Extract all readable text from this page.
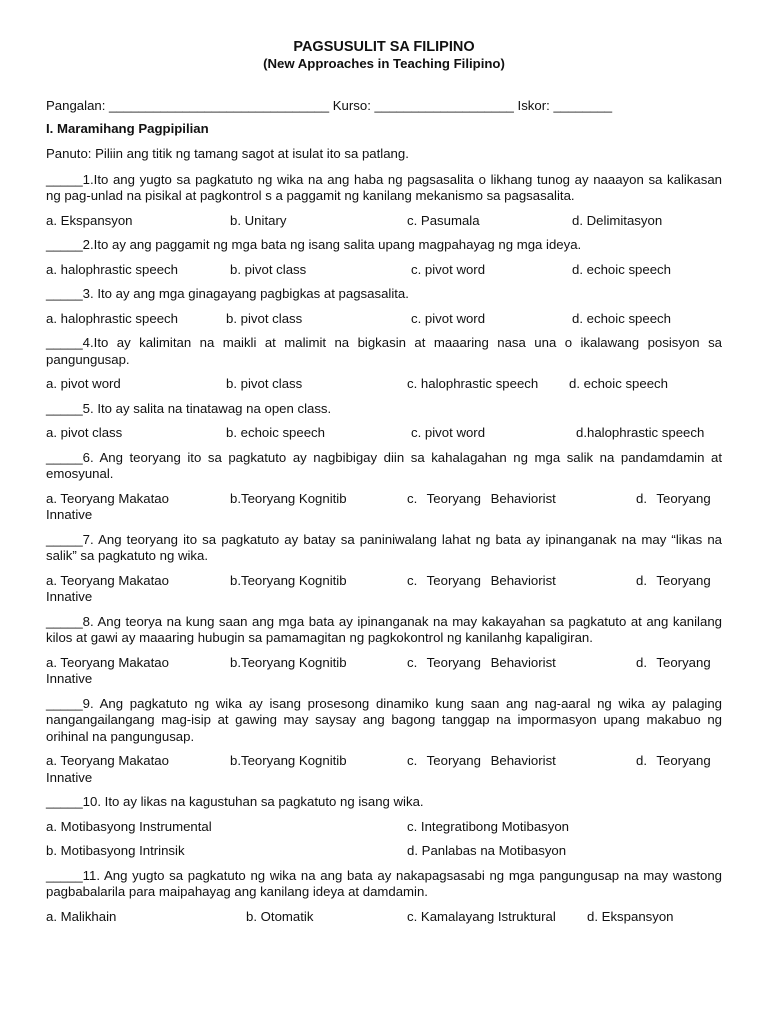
PAGSUSULIT SA FILIPINO
(New Approaches in Teaching Filipino)
Pangalan: ______________________________ Kurso: ___________________ Iskor: ________
I. Maramihang Pagpipilian
Panuto: Piliin ang titik ng tamang sagot at isulat ito sa patlang.
_____1.Ito ang yugto sa pagkatuto ng wika na ang haba ng pagsasalita o likhang tunog ay naaayon sa kalikasan ng pag-unlad na pisikal at pagkontrol s a paggamit ng kanilang mekanismo sa pagsasalita.
a. Ekspansyon	b. Unitary	c. Pasumala	d. Delimitasyon
_____2.Ito ay ang paggamit ng mga bata ng isang salita upang magpahayag ng mga ideya.
a. halophrastic speech	b. pivot class	c. pivot word	d. echoic speech
_____3. Ito ay ang mga ginagayang pagbigkas at pagsasalita.
a. halophrastic speech	b. pivot class	c. pivot word	d. echoic speech
_____4.Ito ay kalimitan na maikli at malimit na bigkasin at maaaring nasa una o ikalawang posisyon sa pangungusap.
a. pivot word	b. pivot class	c. halophrastic speech d. echoic speech
_____5. Ito ay salita na tinatawag na open class.
a. pivot class	b. echoic speech	c. pivot word	d.halophrastic speech
_____6. Ang teoryang ito sa pagkatuto ay nagbibigay diin sa kahalagahan ng mga salik na pandamdamin at emosyunal.
a. Teoryang Makatao	b.Teoryang Kognitib	c. Teoryang Behaviorist	d. Teoryang
Innative
_____7. Ang teoryang ito sa pagkatuto ay batay sa paniniwalang lahat ng bata ay ipinanganak na may “likas na salik” sa pagkatuto ng wika.
a. Teoryang Makatao	b.Teoryang Kognitib	c. Teoryang Behaviorist	d. Teoryang
Innative
_____8. Ang teorya na kung saan ang mga bata ay ipinanganak na may kakayahan sa pagkatuto at ang kanilang kilos at gawi ay maaaring hubugin sa pamamagitan ng pagkokontrol ng kanilanhg kapaligiran.
a. Teoryang Makatao	b.Teoryang Kognitib	c. Teoryang Behaviorist	d. Teoryang
Innative
_____9. Ang pagkatuto ng wika ay isang prosesong dinamiko kung saan ang nag-aaral ng wika ay palaging nangangailangang mag-isip at gawing may saysay ang bagong tanggap na impormasyon upang makabuo ng orihinal na pangungusap.
a. Teoryang Makatao	b.Teoryang Kognitib	c. Teoryang Behaviorist	d. Teoryang
Innative
_____10. Ito ay likas na kagustuhan sa pagkatuto ng isang wika.
a. Motibasyong Instrumental	c. Integratibong Motibasyon
b. Motibasyong Intrinsik	d. Panlabas na Motibasyon
_____11. Ang yugto sa pagkatuto ng wika na ang bata ay nakapagsasabi ng mga pangungusap na may wastong pagbabalarila para maipahayag ang kanilang ideya at damdamin.
a. Malikhain	b. Otomatik	c. Kamalayang Istruktural d. Ekspansyon
